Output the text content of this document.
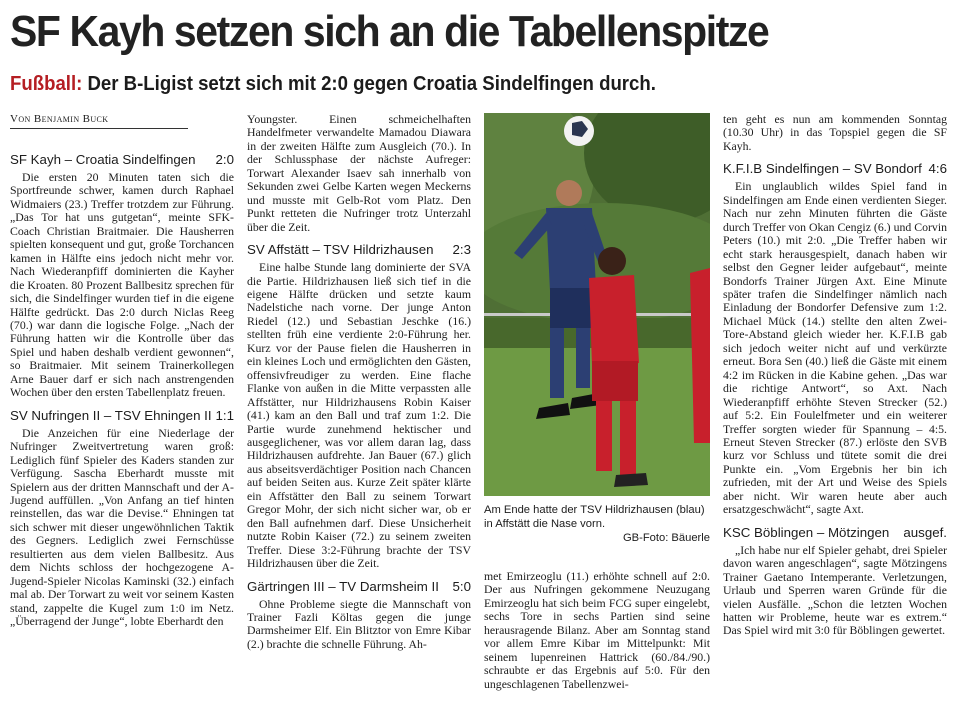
SF Kayh setzen sich an die Tabellenspitze
Fußball: Der B-Ligist setzt sich mit 2:0 gegen Croatia Sindelfingen durch.
Von Benjamin Buck
SF Kayh – Croatia Sindelfingen 2:0

Die ersten 20 Minuten taten sich die Sportfreunde schwer, kamen durch Raphael Widmaiers (23.) Treffer trotzdem zur Führung. „Das Tor hat uns gutgetan“, meinte SFK-Coach Christian Braitmaier. Die Hausherren spielten konsequent und gut, große Torchancen kamen in Hälfte eins jedoch nicht mehr vor. Nach Wiederanpfiff dominierten die Kayher die Kroaten. 80 Prozent Ballbesitz sprechen für sich, die Sindelfinger wurden tief in die eigene Hälfte gedrückt. Das 2:0 durch Niclas Reeg (70.) war dann die logische Folge. „Nach der Führung hatten wir die Kontrolle über das Spiel und haben deshalb verdient gewonnen“, so Braitmaier. Mit seinem Trainerkollegen Arne Bauer darf er sich nach anstrengenden Wochen über den ersten Tabellenplatz freuen.

SV Nufringen II – TSV Ehningen II 1:1

Die Anzeichen für eine Niederlage der Nufringer Zweitvertretung waren groß: Lediglich fünf Spieler des Kaders standen zur Verfügung. Sascha Eberhardt musste mit Spielern aus der dritten Mannschaft und der A-Jugend auffüllen. „Von Anfang an tief hinten reinstellen, das war die Devise.“ Ehningen tat sich schwer mit dieser ungewöhnlichen Taktik des Gegners. Lediglich zwei Fernschüsse resultierten aus dem vielen Ballbesitz. Aus dem Nichts schloss der hochgezogene A-Jugend-Spieler Nicolas Kaminski (32.) einfach mal ab. Der Torwart zu weit vor seinem Kasten stand, zappelte die Kugel zum 1:0 im Netz. „Überragend der Junge“, lobte Eberhardt den

Youngster. Einen schmeichelhaften Handelfmeter verwandelte Mamadou Diawara in der zweiten Hälfte zum Ausgleich (70.). In der Schlussphase der nächste Aufreger: Torwart Alexander Isaev sah innerhalb von Sekunden zwei Gelbe Karten wegen Meckerns und musste mit Gelb-Rot vom Platz. Den Punkt retteten die Nufringer trotz Unterzahl über die Zeit.

SV Affstätt – TSV Hildrizhausen 2:3

Eine halbe Stunde lang dominierte der SVA die Partie. Hildrizhausen ließ sich tief in die eigene Hälfte drücken und setzte kaum Nadelstiche nach vorne. Der junge Anton Riedel (12.) und Sebastian Jeschke (16.) stellten früh eine verdiente 2:0-Führung her. Kurz vor der Pause fielen die Hausherren in ein kleines Loch und ermöglichten den Gästen, offensivfreudiger zu werden. Eine flache Flanke von außen in die Mitte verpassten alle Affstätter, nur Hildrizhausens Robin Kaiser (41.) kam an den Ball und traf zum 1:2. Die Partie wurde zunehmend hektischer und ausgeglichener, was vor allem daran lag, dass Hildrizhausen aufdrehte. Jan Bauer (67.) glich aus abseitsverdächtiger Position nach Chancen auf beiden Seiten aus. Kurze Zeit später klärte ein Affstätter den Ball zu seinem Torwart Gregor Mohr, der sich nicht sicher war, ob er den Ball aufnehmen darf. Diese Unsicherheit nutzte Robin Kaiser (72.) zu seinem zweiten Treffer. Diese 3:2-Führung brachte der TSV Hildrizhausen über die Zeit.

Gärtringen III – TV Darmsheim II 5:0

Ohne Probleme siegte die Mannschaft von Trainer Fazli Költas gegen die junge Darmsheimer Elf. Ein Blitztor von Emre Kibar (2.) brachte die schnelle Führung. Ah-

Am Ende hatte der TSV Hildrizhausen (blau) in Affstätt die Nase vorn.
GB-Foto: Bäuerle

met Emirzeoglu (11.) erhöhte schnell auf 2:0. Der aus Nufringen gekommene Neuzugang Emirzeoglu hat sich beim FCG super eingelebt, sechs Tore in sechs Partien sind seine herausragende Bilanz. Aber am Sonntag stand vor allem Emre Kibar im Mittelpunkt: Mit seinem lupenreinen Hattrick (60./84./90.) schraubte er das Ergebnis auf 5:0. Für den ungeschlagenen Tabellenzwei-

ten geht es nun am kommenden Sonntag (10.30 Uhr) in das Topspiel gegen die SF Kayh.

K.F.I.B Sindelfingen – SV Bondorf 4:6

Ein unglaublich wildes Spiel fand in Sindelfingen am Ende einen verdienten Sieger. Nach nur zehn Minuten führten die Gäste durch Treffer von Okan Cengiz (6.) und Corvin Peters (10.) mit 2:0. „Die Treffer haben wir echt stark herausgespielt, danach haben wir selbst den Gegner leider aufgebaut“, meinte Bondorfs Trainer Jürgen Axt. Eine Minute später trafen die Sindelfinger nämlich nach Einladung der Bondorfer Defensive zum 1:2. Michael Mück (14.) stellte den alten Zwei-Tore-Abstand gleich wieder her. K.F.I.B gab sich jedoch weiter nicht auf und verkürzte erneut. Bora Sen (40.) ließ die Gäste mit einem 4:2 im Rücken in die Kabine gehen. „Das war die richtige Antwort“, so Axt. Nach Wiederanpfiff erhöhte Steven Strecker (52.) auf 5:2. Ein Foulelfmeter und ein weiterer Treffer sorgten wieder für Spannung – 4:5. Erneut Steven Strecker (87.) erlöste den SVB kurz vor Schluss und tütete somit die drei Punkte ein. „Vom Ergebnis her bin ich zufrieden, mit der Art und Weise des Spiels aber nicht. Wir waren heute aber auch ersatzgeschwächt“, sagte Axt.

KSC Böblingen – Mötzingen ausgef.

„Ich habe nur elf Spieler gehabt, drei Spieler davon waren angeschlagen“, sagte Mötzingens Trainer Gaetano Intemperante. Verletzungen, Urlaub und Sperren waren Gründe für die vielen Ausfälle. „Schon die letzten Wochen hatten wir Probleme, heute war es extrem.“ Das Spiel wird mit 3:0 für Böblingen gewertet.
